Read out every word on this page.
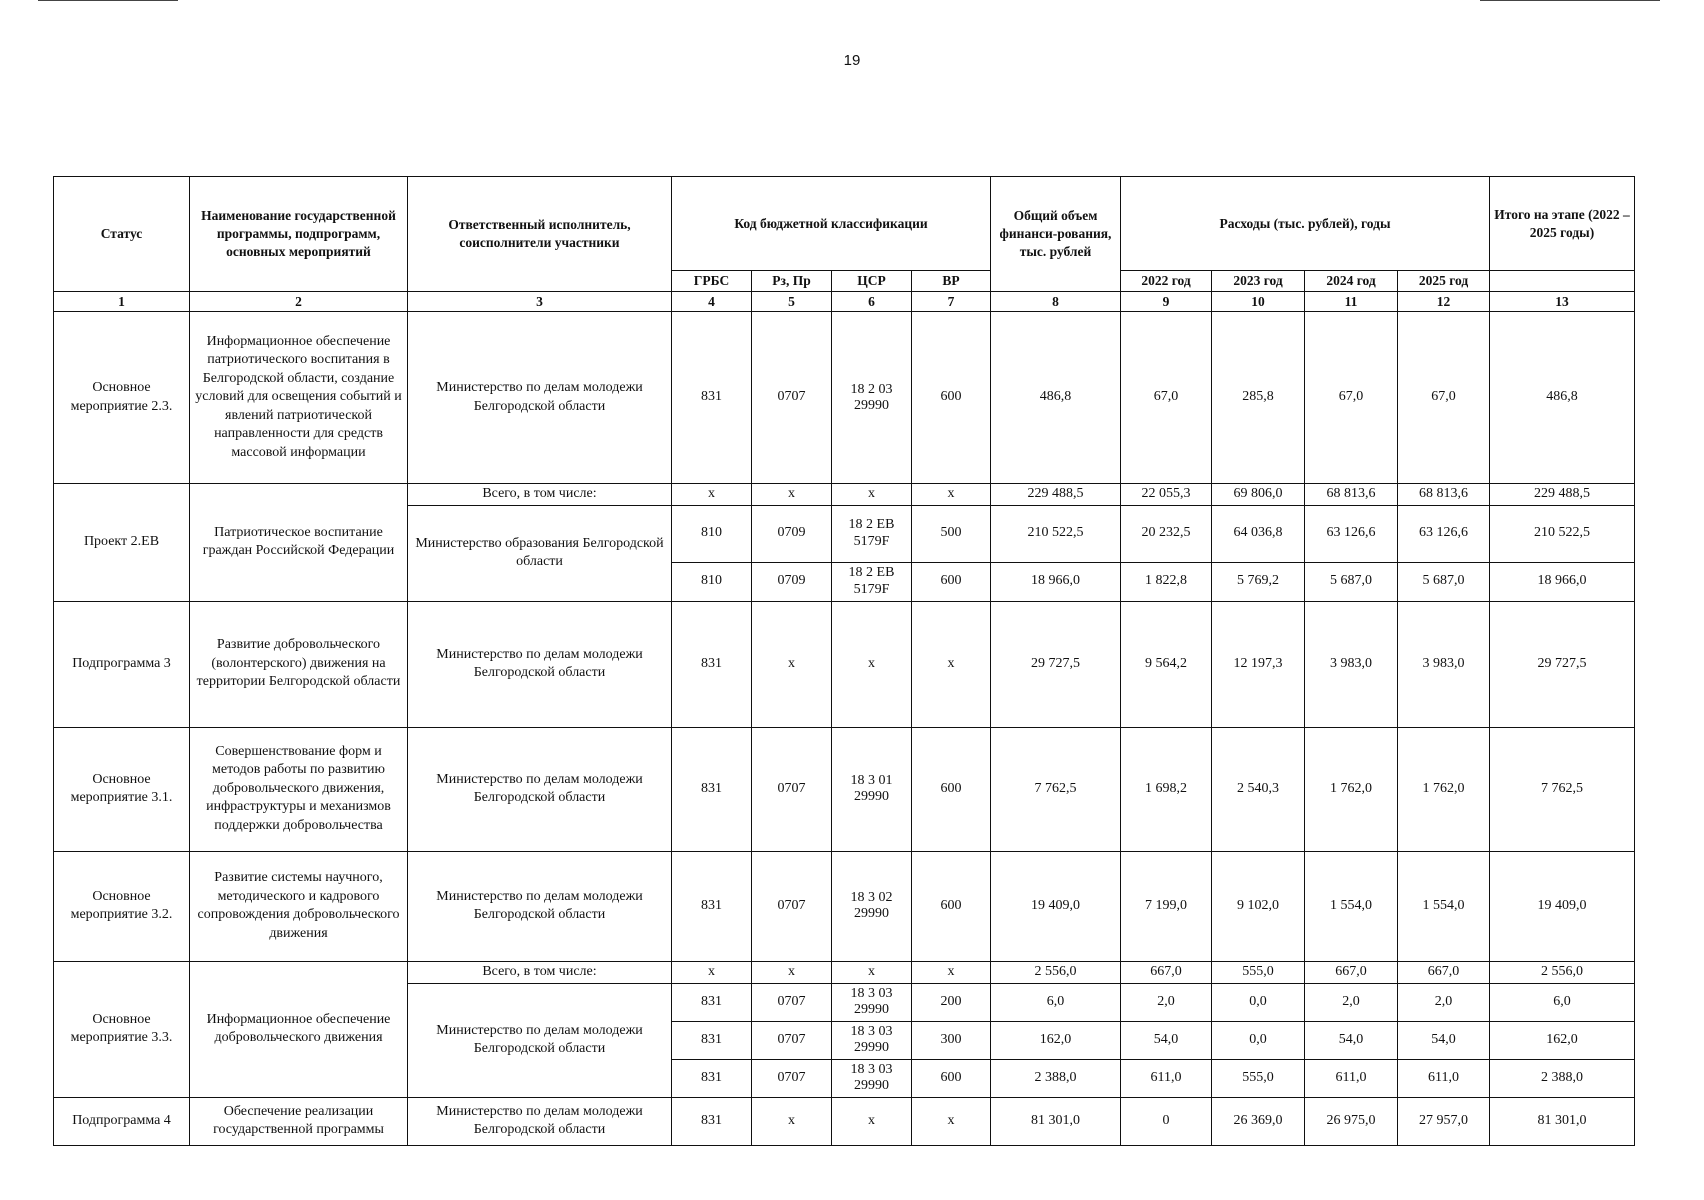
19
Статус	Наименование государственной программы, подпрограмм, основных мероприятий	Ответственный исполнитель, соисполнители участники	Код бюджетной классификации				Общий объем финанси-рования, тыс. рублей	Расходы (тыс. рублей), годы				Итого на этапе (2022 – 2025 годы)
			ГРБС	Рз, Пр	ЦСР	ВР		2022 год	2023 год	2024 год	2025 год	
1	2	3	4	5	6	7	8	9	10	11	12	13
Основное мероприятие 2.3.	Информационное обеспечение патриотического воспитания в Белгородской области, создание условий для освещения событий и явлений патриотической направленности для средств массовой информации	Министерство по делам молодежи Белгородской области	831	0707	18 2 03 29990	600	486,8	67,0	285,8	67,0	67,0	486,8
Проект 2.ЕВ	Патриотическое воспитание граждан Российской Федерации	Всего, в том числе:	x	x	x	x	229 488,5	22 055,3	69 806,0	68 813,6	68 813,6	229 488,5
		Министерство образования Белгородской области	810	0709	18 2 ЕВ 5179F	500	210 522,5	20 232,5	64 036,8	63 126,6	63 126,6	210 522,5
			810	0709	18 2 ЕВ 5179F	600	18 966,0	1 822,8	5 769,2	5 687,0	5 687,0	18 966,0
Подпрограмма 3	Развитие добровольческого (волонтерского) движения на территории Белгородской области	Министерство по делам молодежи Белгородской области	831	x	x	x	29 727,5	9 564,2	12 197,3	3 983,0	3 983,0	29 727,5
Основное мероприятие 3.1.	Совершенствование форм и методов работы по развитию добровольческого движения, инфраструктуры и механизмов поддержки добровольчества	Министерство по делам молодежи Белгородской области	831	0707	18 3 01 29990	600	7 762,5	1 698,2	2 540,3	1 762,0	1 762,0	7 762,5
Основное мероприятие 3.2.	Развитие системы научного, методического и кадрового сопровождения добровольческого движения	Министерство по делам молодежи Белгородской области	831	0707	18 3 02 29990	600	19 409,0	7 199,0	9 102,0	1 554,0	1 554,0	19 409,0
Основное мероприятие 3.3.	Информационное обеспечение добровольческого движения	Всего, в том числе:	x	x	x	x	2 556,0	667,0	555,0	667,0	667,0	2 556,0
		Министерство по делам молодежи Белгородской области	831	0707	18 3 03 29990	200	6,0	2,0	0,0	2,0	2,0	6,0
			831	0707	18 3 03 29990	300	162,0	54,0	0,0	54,0	54,0	162,0
			831	0707	18 3 03 29990	600	2 388,0	611,0	555,0	611,0	611,0	2 388,0
Подпрограмма 4	Обеспечение реализации государственной программы	Министерство по делам молодежи Белгородской области	831	x	x	x	81 301,0	0	26 369,0	26 975,0	27 957,0	81 301,0
